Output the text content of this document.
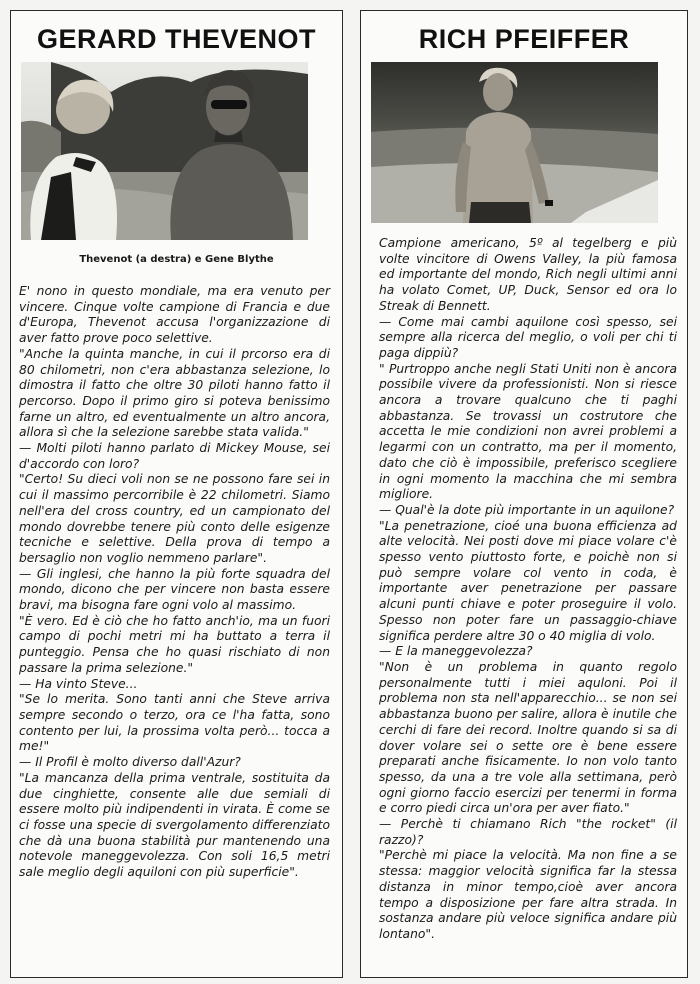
GERARD THEVENOT

Thevenot (a destra) e Gene Blythe

E' nono in questo mondiale, ma era venuto per vincere. Cinque volte campione di Francia e due d'Europa, Thevenot accusa l'organizzazione di aver fatto prove poco selettive.

"Anche la quinta manche, in cui il prcorso era di 80 chilometri, non c'era abbastanza selezione, lo dimostra il fatto che oltre 30 piloti hanno fatto il percorso. Dopo il primo giro si poteva benissimo farne un altro, ed eventualmente un altro ancora, allora sì che la selezione sarebbe stata valida."

— Molti piloti hanno parlato di Mickey Mouse, sei d'accordo con loro?

"Certo! Su dieci voli non se ne possono fare sei in cui il massimo percorribile è 22 chilometri. Siamo nell'era del cross country, ed un campionato del mondo dovrebbe tenere più conto delle esigenze tecniche e selettive. Della prova di tempo a bersaglio non voglio nemmeno parlare".

— Gli inglesi, che hanno la più forte squadra del mondo, dicono che per vincere non basta essere bravi, ma bisogna fare ogni volo al massimo.

"È vero. Ed è ciò che ho fatto anch'io, ma un fuori campo di pochi metri mi ha buttato a terra il punteggio. Pensa che ho quasi rischiato di non passare la prima selezione."

— Ha vinto Steve...

"Se lo merita. Sono tanti anni che Steve arriva sempre secondo o terzo, ora ce l'ha fatta, sono contento per lui, la prossima volta però... tocca a me!"

— Il Profil è molto diverso dall'Azur?

"La mancanza della prima ventrale, sostituita da due cinghiette, consente alle due semiali di essere molto più indipendenti in virata. È come se ci fosse una specie di svergolamento differenziato che dà una buona stabilità pur mantenendo una notevole maneggevolezza. Con soli 16,5 metri sale meglio degli aquiloni con più superficie".

RICH PFEIFFER

Campione americano, 5º al tegelberg e più volte vincitore di Owens Valley, la più famosa ed importante del mondo, Rich negli ultimi anni ha volato Comet, UP, Duck, Sensor ed ora lo Streak di Bennett.

— Come mai cambi aquilone così spesso, sei sempre alla ricerca del meglio, o voli per chi ti paga dippiù?

" Purtroppo anche negli Stati Uniti non è ancora possibile vivere da professionisti. Non si riesce ancora a trovare qualcuno che ti paghi abbastanza. Se trovassi un costrutore che accetta le mie condizioni non avrei problemi a legarmi con un contratto, ma per il momento, dato che ciò è impossibile, preferisco scegliere in ogni momento la macchina che mi sembra migliore.

— Qual'è la dote più importante in un aquilone?

"La penetrazione, cioé una buona efficienza ad alte velocità. Nei posti dove mi piace volare c'è spesso vento piuttosto forte, e poichè non si può sempre volare col vento in coda, è importante aver penetrazione per passare alcuni punti chiave e poter proseguire il volo. Spesso non poter fare un passaggio-chiave significa perdere altre 30 o 40 miglia di volo.

— E la maneggevolezza?

"Non è un problema in quanto regolo personalmente tutti i miei aquloni. Poi il problema non sta nell'apparecchio... se non sei abbastanza buono per salire, allora è inutile che cerchi di fare dei record. Inoltre quando si sa di dover volare sei o sette ore è bene essere preparati anche fisicamente. Io non volo tanto spesso, da una a tre vole alla settimana, però ogni giorno faccio esercizi per tenermi in forma e corro piedi circa un'ora per aver fiato."

— Perchè ti chiamano Rich "the rocket" (il razzo)?

"Perchè mi piace la velocità. Ma non fine a se stessa: maggior velocità significa far la stessa distanza in minor tempo,cioè aver ancora tempo a disposizione per fare altra strada. In sostanza andare più veloce significa andare più lontano".
